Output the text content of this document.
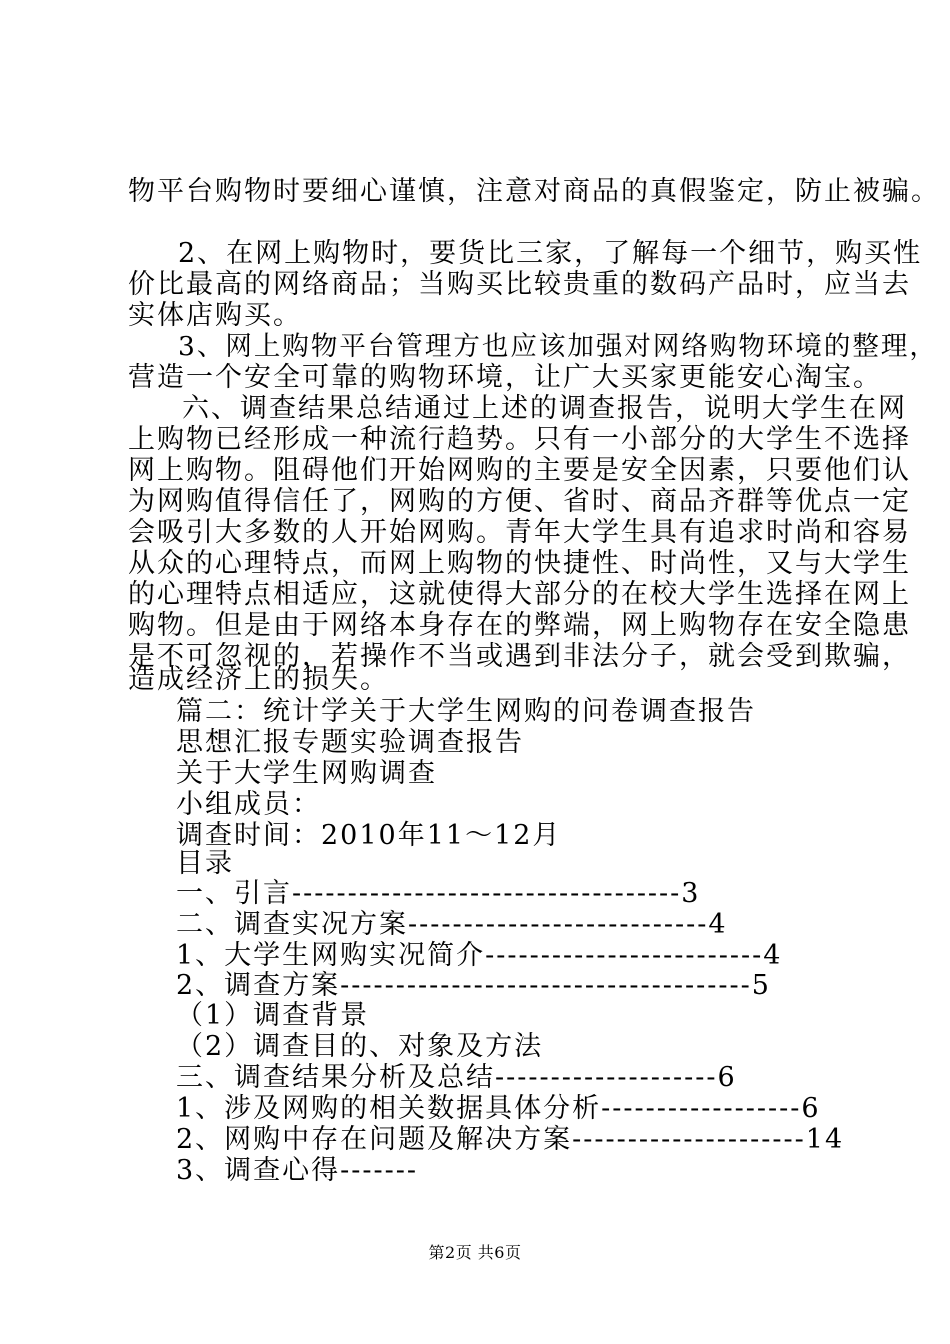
物平台购物时要细心谨慎，注意对商品的真假鉴定，防止被骗。
2、在网上购物时，要货比三家，了解每一个细节，购买性
价比最高的网络商品；当购买比较贵重的数码产品时，应当去
实体店购买。
3、网上购物平台管理方也应该加强对网络购物环境的整理，
营造一个安全可靠的购物环境，让广大买家更能安心淘宝。
六、调查结果总结通过上述的调查报告，说明大学生在网
上购物已经形成一种流行趋势。只有一小部分的大学生不选择
网上购物。阻碍他们开始网购的主要是安全因素，只要他们认
为网购值得信任了，网购的方便、省时、商品齐群等优点一定
会吸引大多数的人开始网购。青年大学生具有追求时尚和容易
从众的心理特点，而网上购物的快捷性、时尚性，又与大学生
的心理特点相适应，这就使得大部分的在校大学生选择在网上
购物。但是由于网络本身存在的弊端，网上购物存在安全隐患
是不可忽视的，若操作不当或遇到非法分子，就会受到欺骗，
造成经济上的损失。
篇二：统计学关于大学生网购的问卷调查报告
思想汇报专题实验调查报告
关于大学生网购调查
小组成员：
调查时间：2010年11～12月
目录
一、引言-----------------------------------3
二、调查实况方案---------------------------4
1、大学生网购实况简介-------------------------4
2、调查方案-------------------------------------5
（1）调查背景
（2）调查目的、对象及方法
三、调查结果分析及总结--------------------6
1、涉及网购的相关数据具体分析------------------6
2、网购中存在问题及解决方案---------------------14
3、调查心得-------
第2页 共6页
